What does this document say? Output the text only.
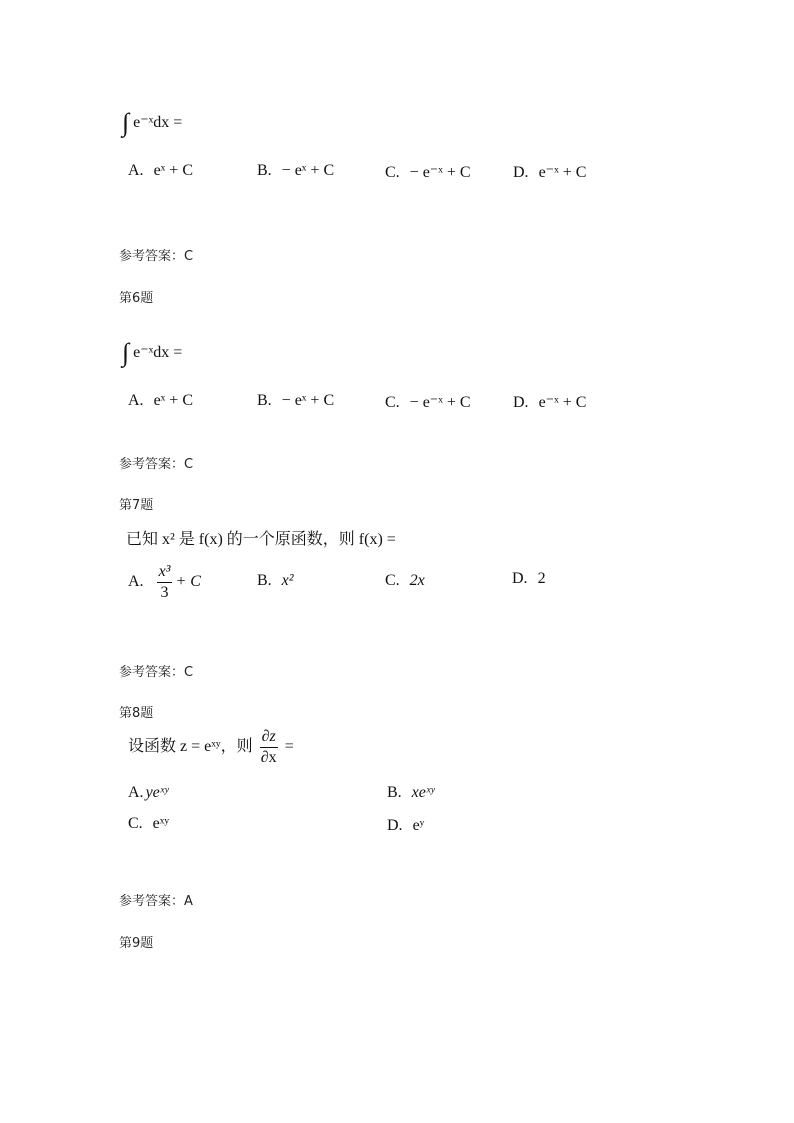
∫ e⁻ˣdx =
A. eˣ + C	B. − eˣ + C	C. − e⁻ˣ + C	D. e⁻ˣ + C
参考答案：C
第6题
∫ e⁻ˣdx =
A. eˣ + C	B. − eˣ + C	C. − e⁻ˣ + C	D. e⁻ˣ + C
参考答案：C
第7题
已知 x² 是 f(x) 的一个原函数，则 f(x) =
A. $\frac{\text{x³}}{3} + C$	B. x²	C. 2x	D. 2
参考答案：C
第8题
设函数 z = eˣʸ，则 $\frac{\partial z}{\partial x}$ =
A. yeˣʸ	B. xeˣʸ
C. eˣʸ	D. eʸ
参考答案：A
第9题
